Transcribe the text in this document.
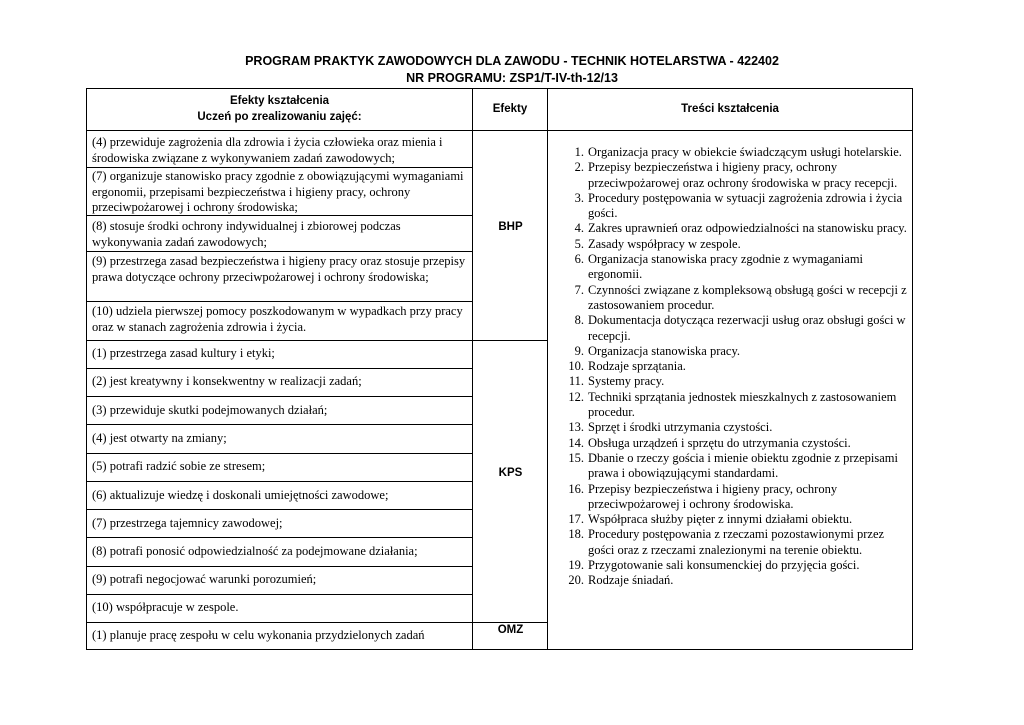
PROGRAM PRAKTYK ZAWODOWYCH DLA ZAWODU - TECHNIK HOTELARSTWA - 422402
NR PROGRAMU: ZSP1/T-IV-th-12/13
Efekty kształcenia
Uczeń po zrealizowaniu zajęć:
Efekty	Treści kształcenia
(4) przewiduje zagrożenia dla zdrowia i życia człowieka oraz mienia i środowiska związane z wykonywaniem zadań zawodowych;
(7) organizuje stanowisko pracy zgodnie z obowiązującymi wymaganiami ergonomii, przepisami bezpieczeństwa i higieny pracy, ochrony przeciwpożarowej i ochrony środowiska;
(8) stosuje środki ochrony indywidualnej i zbiorowej podczas wykonywania zadań zawodowych;
(9) przestrzega zasad bezpieczeństwa i higieny pracy oraz stosuje przepisy prawa dotyczące ochrony przeciwpożarowej i ochrony środowiska;
(10) udziela pierwszej pomocy poszkodowanym w wypadkach przy pracy oraz w stanach zagrożenia zdrowia i życia.
(1) przestrzega zasad kultury i etyki;
(2) jest kreatywny i konsekwentny w realizacji zadań;
(3) przewiduje skutki podejmowanych działań;
(4) jest otwarty na zmiany;
(5) potrafi radzić sobie ze stresem;
(6) aktualizuje wiedzę i doskonali umiejętności zawodowe;
(7) przestrzega tajemnicy zawodowej;
(8) potrafi ponosić odpowiedzialność za podejmowane działania;
(9) potrafi negocjować warunki porozumień;
(10) współpracuje w zespole.
(1) planuje pracę zespołu w celu wykonania przydzielonych zadań
BHP
KPS
OMZ
1. Organizacja pracy w obiekcie świadczącym usługi hotelarskie.
2. Przepisy bezpieczeństwa i higieny pracy, ochrony przeciwpożarowej oraz ochrony środowiska w pracy recepcji.
3. Procedury postępowania w sytuacji zagrożenia zdrowia i życia gości.
4. Zakres uprawnień oraz odpowiedzialności na stanowisku pracy.
5. Zasady współpracy w zespole.
6. Organizacja stanowiska pracy zgodnie z wymaganiami ergonomii.
7. Czynności związane z kompleksową obsługą gości w recepcji z zastosowaniem procedur.
8. Dokumentacja dotycząca rezerwacji usług oraz obsługi gości w recepcji.
9. Organizacja stanowiska pracy.
10. Rodzaje sprzątania.
11. Systemy pracy.
12. Techniki sprzątania jednostek mieszkalnych z zastosowaniem procedur.
13. Sprzęt i środki utrzymania czystości.
14. Obsługa urządzeń i sprzętu do utrzymania czystości.
15. Dbanie o rzeczy gościa i mienie obiektu zgodnie z przepisami prawa i obowiązującymi standardami.
16. Przepisy bezpieczeństwa i higieny pracy, ochrony przeciwpożarowej i ochrony środowiska.
17. Współpraca służby pięter z innymi działami obiektu.
18. Procedury postępowania z rzeczami pozostawionymi przez gości oraz z rzeczami znalezionymi na terenie obiektu.
19. Przygotowanie sali konsumenckiej do przyjęcia gości.
20. Rodzaje śniadań.
